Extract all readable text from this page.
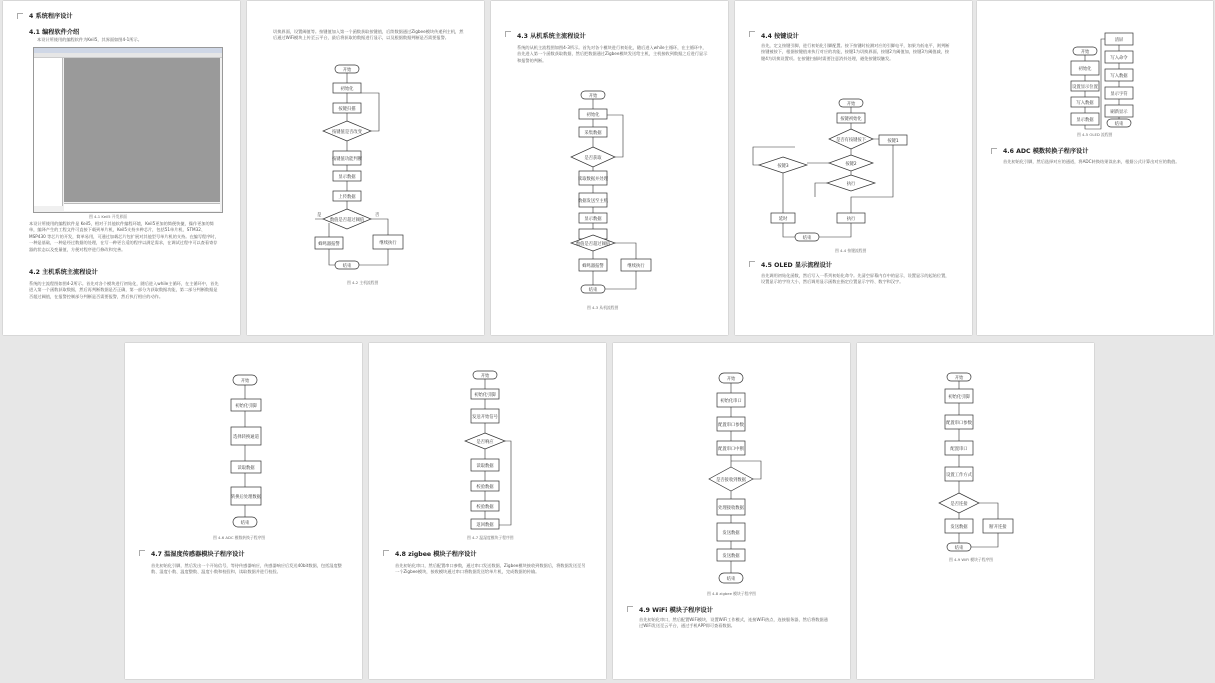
4 系统程序设计
4.1 编程软件介绍
本设计所使用的编程软件为Keil5，其界面如图4-1所示。
图 4-1 Keil5 开发界面
本设计所使用的编程软件是 Keil5，相对于其他软件编程环境，Keil5更加的简便快捷，操作更加的简单，编译产生的工程文件可直接下载到单片机，Keil5支持多种芯片，包括51单片机、STM32、MSP430 等芯片的开发，简单易用，可通过加载芯片包扩展对其他型号单片机的支持。在编写程序时，一种是基础，一种是经过数据的处理，在写一种更合适的程序以满足需求，在调试过程中可以查看寄存器的状态以及变量值，方便对程序进行修改和完善。
4.2 主机系统主流程设计
系统的主流程图如图4-2所示。首先对各个模块进行初始化，随后进入while主循环，在主循环中，首先进入第一个函数获取数据，然后再判断数据是否正确，第一部分为获取数据功能，第二部分判断数据是否超过阈值，在报警控制部分判断是否需要报警，然后执行相应的动作。
切换界面，设置阈值等。按键值加入第一个函数获取按键值，后续数据通过Zigbee模块传递到主机，然后通过WiFi模块上传至云平台，最后将获取的数据进行显示，以及根据数据判断是否需要报警。
开始
初始化
按键扫描
按键值是否改变
按键值功能判断
显示数据
上传数据
数值是否超过阈值
蜂鸣器报警	继续执行
结束
是	否
图 4-2 主机流程图
4.3 从机系统主流程设计
系统的从机主流程图如图4-3所示。首先对各个模块进行初始化，随后进入while主循环，在主循环中，首先进入第一个函数获取数据，然后把数据通过Zigbee模块发送给主机，主机接收到数据之后进行显示和报警的判断。
开始
初始化
采集数据
是否获取
读取数据并处理
数据发送至主机
显示数据
数值是否超过阈值
蜂鸣器报警	继续执行
结束
图 4-3 从机流程图
4.4 按键设计
首先，定义按键引脚，进行初始化引脚配置。按下按键时检测对应的引脚电平，如果为低电平，则判断按键被按下，根据按键值来执行对应的功能，按键1为切换界面，按键2为阈值加，按键3为阈值减，按键4为切换设置项。在按键扫描时需要注意消抖处理，避免按键误触发。
开始
按键初始化
是否有按键按下	按键1
按键2
按键3
执行
延时	执行
结束
图 4-4 按键流程图
4.5 OLED 显示流程设计
首先调用初始化函数，然后写入一系列初始化命令。先清空屏幕内存中的显示，设置显示的起始位置，设置显示的字符大小，然后调用显示函数在指定位置显示字符、数字和汉字。
开始
初始化
设置显示位置
写入数据
显示数据
清屏
写入命令
写入数据
显示字符
刷新显示
结束
图 4-5 OLED 流程图
4.6 ADC 模数转换子程序设计
首先初始化引脚，然后选择对应的通道，将ADC转换结果读出来，根据公式计算出对应的数值。
开始
初始化引脚
选择转换通道
读取数据
转换后处理数据
结束
图 4-6 ADC 模数转换子程序图
4.7 温湿度传感器模块子程序设计
首先初始化引脚，然后发出一个开始信号，等待传感器响应，传感器响应后发送40bit数据，包括湿度整数、湿度小数、温度整数、温度小数和校验和，读取数据并进行校验。
开始
初始化引脚
发送开始信号
是否响应
读取数据
校验数据
校验数据
返回数据
图 4-7 温湿度模块子程序图
4.8 zigbee 模块子程序设计
首先初始化串口，然后配置串口参数，通过串口发送数据，Zigbee模块接收到数据后，将数据发送至另一个Zigbee模块，接收模块通过串口将数据发送给单片机，完成数据的传输。
开始
初始化串口
配置串口参数
配置串口中断
是否接收到数据
处理接收数据
发送数据
发送数据
结束
图 4-8 zigbee 模块子程序图
4.9 WiFi 模块子程序设计
首先初始化串口，然后配置WiFi模块，设置WiFi工作模式，连接WiFi热点，连接服务器，然后将数据通过WiFi发送至云平台，通过手机APP即可查看数据。
开始
初始化引脚
配置串口参数
配置串口
设置工作方式
是否连接
发送数据	断开连接
结束
图 4-9 WiFi 模块子程序图
